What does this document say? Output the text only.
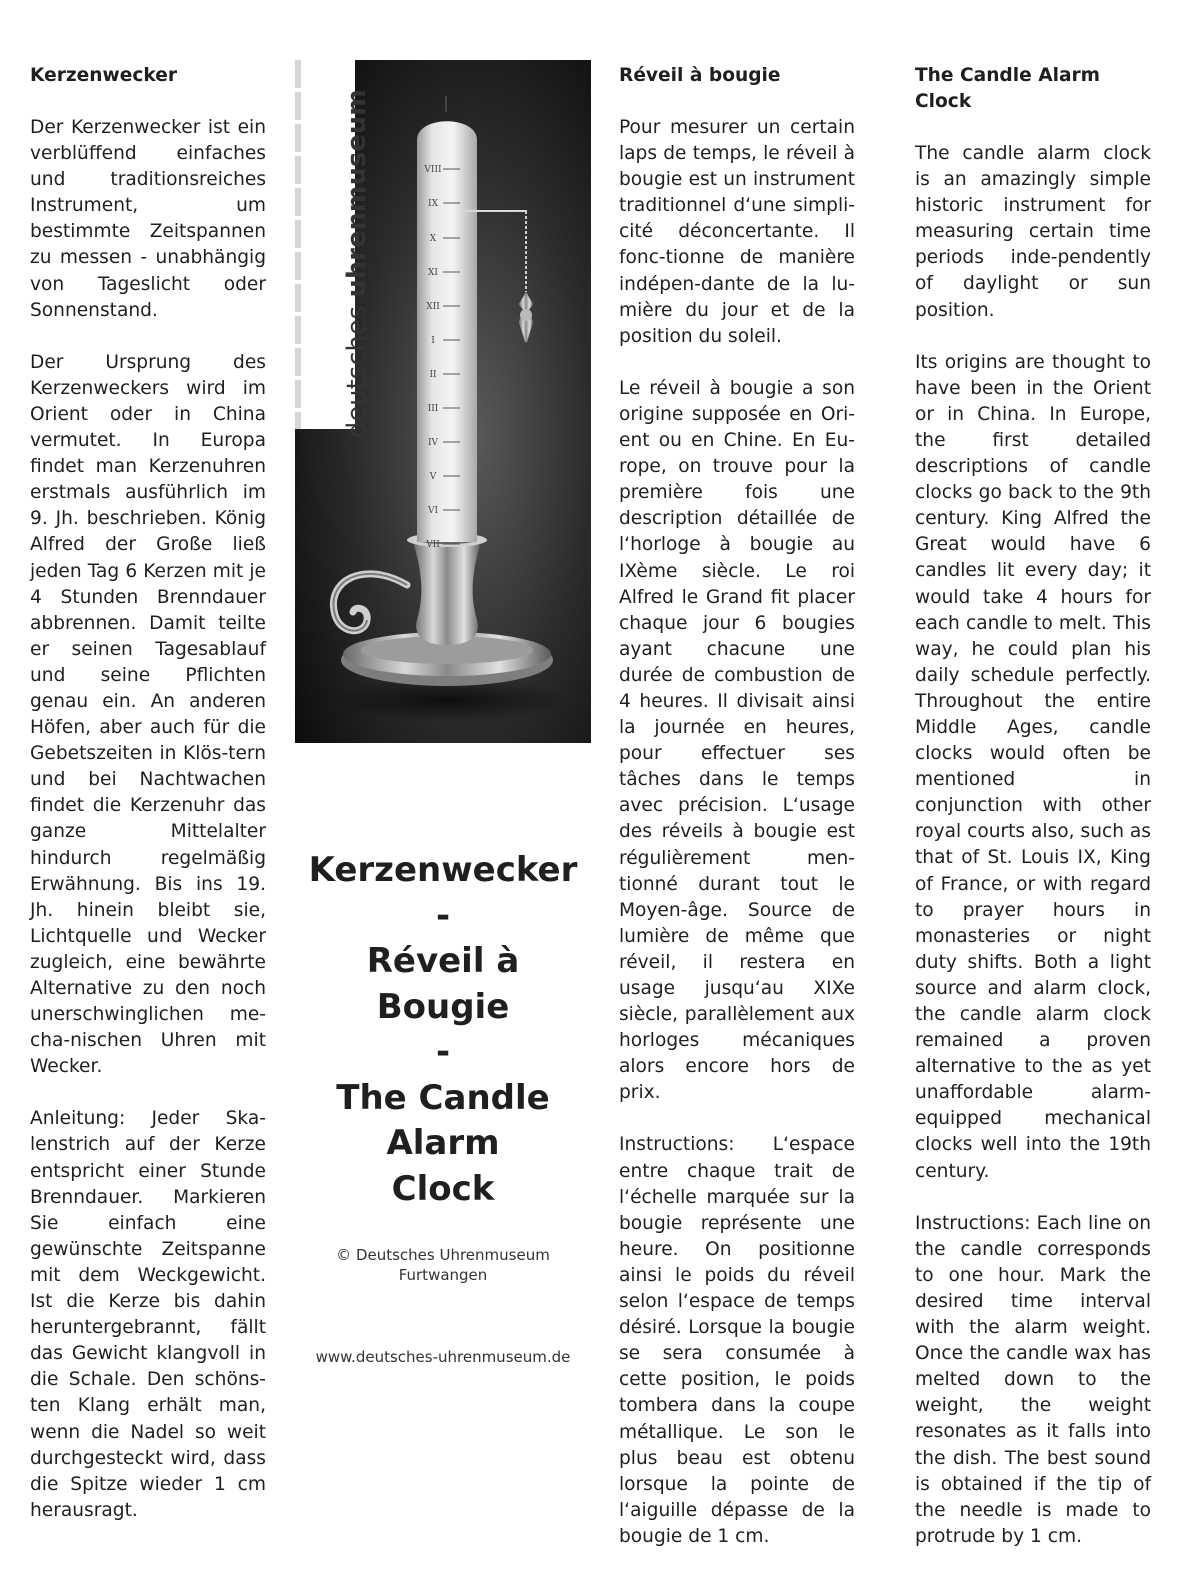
Kerzenwecker

Der Kerzenwecker ist ein verblüffend einfaches und traditionsreiches Instrument, um bestimmte Zeitspannen zu messen - unabhängig von Tageslicht oder Sonnenstand.

Der Ursprung des Kerzenweckers wird im Orient oder in China vermutet. In Europa findet man Kerzenuhren erstmals ausführlich im 9. Jh. beschrieben. König Alfred der Große ließ jeden Tag 6 Kerzen mit je 4 Stunden Brenndauer abbrennen. Damit teilte er seinen Tagesablauf und seine Pflichten genau ein. An anderen Höfen, aber auch für die Gebetszeiten in Klös-tern und bei Nachtwachen findet die Kerzenuhr das ganze Mittelalter hindurch regelmäßig Erwähnung. Bis ins 19. Jh. hinein bleibt sie, Lichtquelle und Wecker zugleich, eine bewährte Alternative zu den noch unerschwinglichen mecha-nischen Uhren mit Wecker.

Anleitung: Jeder Skalenstrich auf der Kerze entspricht einer Stunde Brenndauer. Markieren Sie einfach eine gewünschte Zeitspanne mit dem Weckgewicht. Ist die Kerze bis dahin heruntergebrannt, fällt das Gewicht klangvoll in die Schale. Den schöns-ten Klang erhält man, wenn die Nadel so weit durchgesteckt wird, dass die Spitze wieder 1 cm herausragt.

VIII
IX
X
XI
XII
I
II
III
IV
V
VI
VII
deutsches uhrenmuseum
Kerzenwecker
-
Réveil à
Bougie
-
The Candle Alarm
Clock
© Deutsches Uhrenmuseum
Furtwangen
www.deutsches-uhrenmuseum.de
Réveil à bougie

Pour mesurer un certain laps de temps, le réveil à bougie est un instrument traditionnel d‘une simpli-cité déconcertante. Il fonc-tionne de manière indépen-dante de la lumière du jour et de la position du soleil.

Le réveil à bougie a son origine supposée en Orient ou en Chine. En Europe, on trouve pour la première fois une description détaillée de l‘horloge à bougie au IXème siècle. Le roi Alfred le Grand fit placer chaque jour 6 bougies ayant chacune une durée de combustion de 4 heures. Il divisait ainsi la journée en heures, pour effectuer ses tâches dans le temps avec précision. L‘usage des réveils à bougie est régulièrement men-tionné durant tout le Moyen-âge. Source de lumière de même que réveil, il restera en usage jusqu‘au XIXe siècle, parallèlement aux horloges mécaniques alors encore hors de prix.

Instructions: L‘espace entre chaque trait de l‘échelle marquée sur la bougie représente une heure. On positionne ainsi le poids du réveil selon l‘espace de temps désiré. Lorsque la bougie se sera consumée à cette position, le poids tombera dans la coupe métallique. Le son le plus beau est obtenu lorsque la pointe de l‘aiguille dépasse de la bougie de 1 cm.

The Candle Alarm Clock

The candle alarm clock is an amazingly simple historic instrument for measuring certain time periods inde-pendently of daylight or sun position.

Its origins are thought to have been in the Orient or in China. In Europe, the first detailed descriptions of candle clocks go back to the 9th century. King Alfred the Great would have 6 candles lit every day; it would take 4 hours for each candle to melt. This way, he could plan his daily schedule perfectly. Throughout the entire Middle Ages, candle clocks would often be mentioned in conjunction with other royal courts also, such as that of St. Louis IX, King of France, or with regard to prayer hours in monasteries or night duty shifts. Both a light source and alarm clock, the candle alarm clock remained a proven alternative to the as yet unaffordable alarm-equipped mechanical clocks well into the 19th century.

Instructions: Each line on the candle corresponds to one hour. Mark the desired time interval with the alarm weight. Once the candle wax has melted down to the weight, the weight resonates as it falls into the dish. The best sound is obtained if the tip of the needle is made to protrude by 1 cm.
